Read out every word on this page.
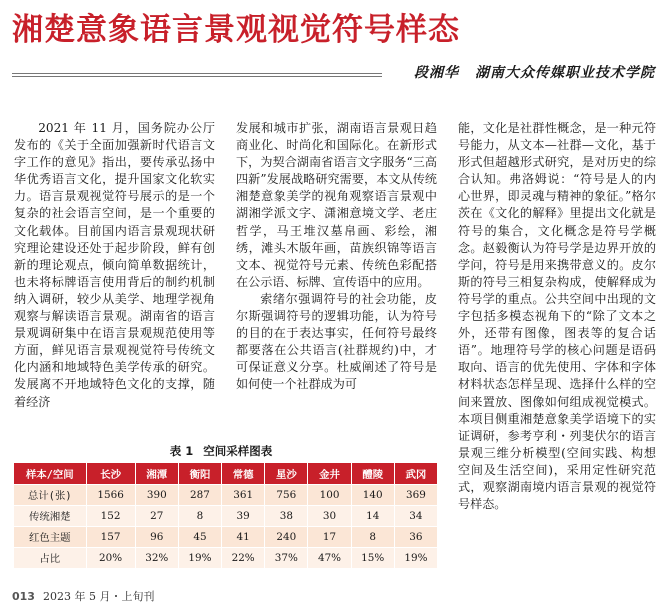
湘楚意象语言景观视觉符号样态
段湘华 湖南大众传媒职业技术学院

2021 年 11 月，国务院办公厅发布的《关于全面加强新时代语言文字工作的意见》指出，要传承弘扬中华优秀语言文化，提升国家文化软实力。语言景观视觉符号展示的是一个复杂的社会语言空间，是一个重要的文化载体。目前国内语言景观现状研究理论建设还处于起步阶段，鲜有创新的理论观点，倾向简单数据统计，也未将标牌语言使用背后的制约机制纳入调研，较少从美学、地理学视角观察与解读语言景观。湖南省的语言景观调研集中在语言景观规范使用等方面，鲜见语言景观视觉符号传统文化内涵和地域特色美学传承的研究。发展离不开地域特色文化的支撑，随着经济

发展和城市扩张，湖南语言景观日趋商业化、时尚化和国际化。在新形式下，为契合湖南省语言文字服务“三高四新”发展战略研究需要，本文从传统湘楚意象美学的视角观察语言景观中湖湘学派文字、潇湘意境文学、老庄哲学，马王堆汉墓帛画、彩绘，湘绣，滩头木版年画，苗族织锦等语言文本、视觉符号元素、传统色彩配搭在公示语、标牌、宣传语中的应用。

索绪尔强调符号的社会功能，皮尔斯强调符号的逻辑功能，认为符号的目的在于表达事实，任何符号最终都要落在公共语言(社群规约)中，才可保证意义分享。杜威阐述了符号是如何使一个社群成为可

能，文化是社群性概念，是一种元符号能力，从文本—社群—文化，基于形式但超越形式研究，是对历史的综合认知。弗洛姆说：“符号是人的内心世界，即灵魂与精神的象征。”格尔茨在《文化的解释》里提出文化就是符号的集合，文化概念是符号学概念。赵毅衡认为符号学是边界开放的学问，符号是用来携带意义的。皮尔斯的符号三相复杂构成，使解释成为符号学的重点。公共空间中出现的文字包括多模态视角下的“除了文本之外，还带有图像，图表等的复合话语”。地理符号学的核心问题是语码取向、语言的优先使用、字体和字体材料状态怎样呈现、选择什么样的空间来置放、图像如何组成视觉模式。本项目侧重湘楚意象美学语境下的实证调研，参考亨利・列斐伏尔的语言景观三维分析模型(空间实践、构想空间及生活空间)，采用定性研究范式，观察湖南境内语言景观的视觉符号样态。

表 1 空间采样图表
样本/空间	长沙	湘潭	衡阳	常德	星沙	金井	醴陵	武冈
总计(张)	1566	390	287	361	756	100	140	369
传统湘楚	152	27	8	39	38	30	14	34
红色主题	157	96	45	41	240	17	8	36
占比	20%	32%	19%	22%	37%	47%	15%	19%
013 2023 年 5 月・上旬刊
